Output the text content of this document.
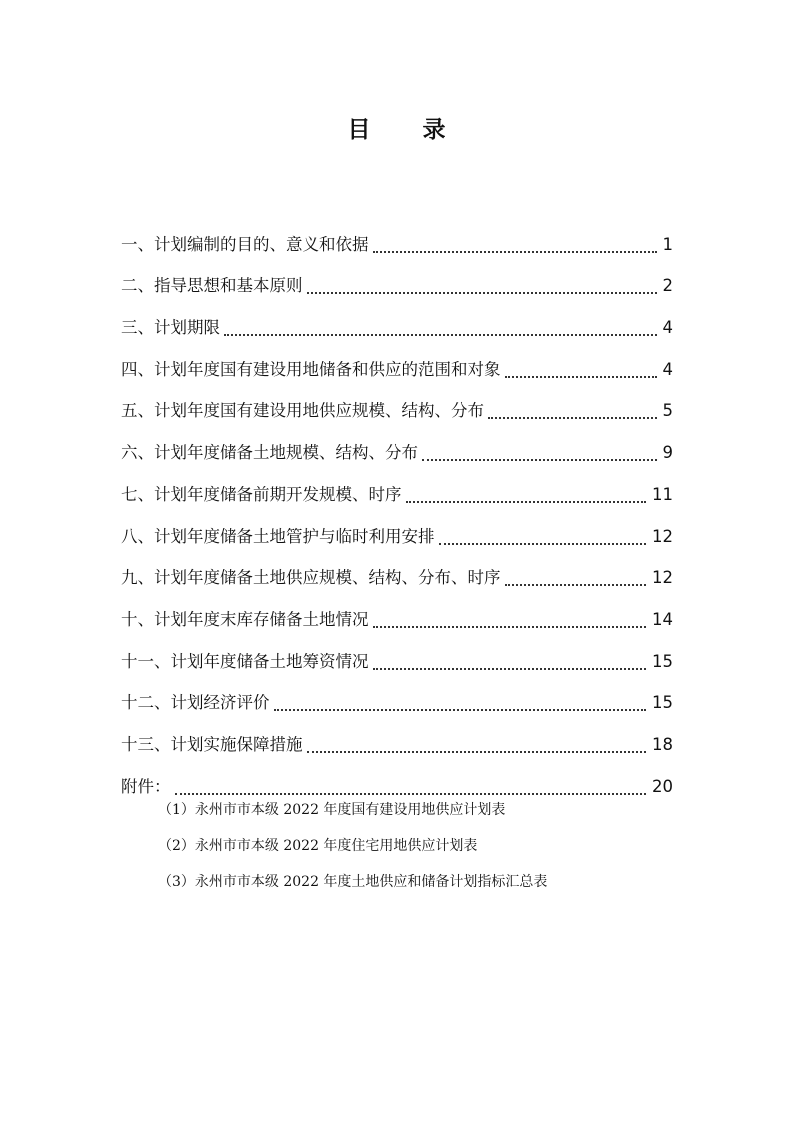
目 录
一、计划编制的目的、意义和依据	1
二、指导思想和基本原则	2
三、计划期限	4
四、计划年度国有建设用地储备和供应的范围和对象	4
五、计划年度国有建设用地供应规模、结构、分布	5
六、计划年度储备土地规模、结构、分布	9
七、计划年度储备前期开发规模、时序	11
八、计划年度储备土地管护与临时利用安排	12
九、计划年度储备土地供应规模、结构、分布、时序	12
十、计划年度末库存储备土地情况	14
十一、计划年度储备土地筹资情况	15
十二、计划经济评价	15
十三、计划实施保障措施	18
附件：	20
（1）永州市市本级 2022 年度国有建设用地供应计划表
（2）永州市市本级 2022 年度住宅用地供应计划表
（3）永州市市本级 2022 年度土地供应和储备计划指标汇总表
